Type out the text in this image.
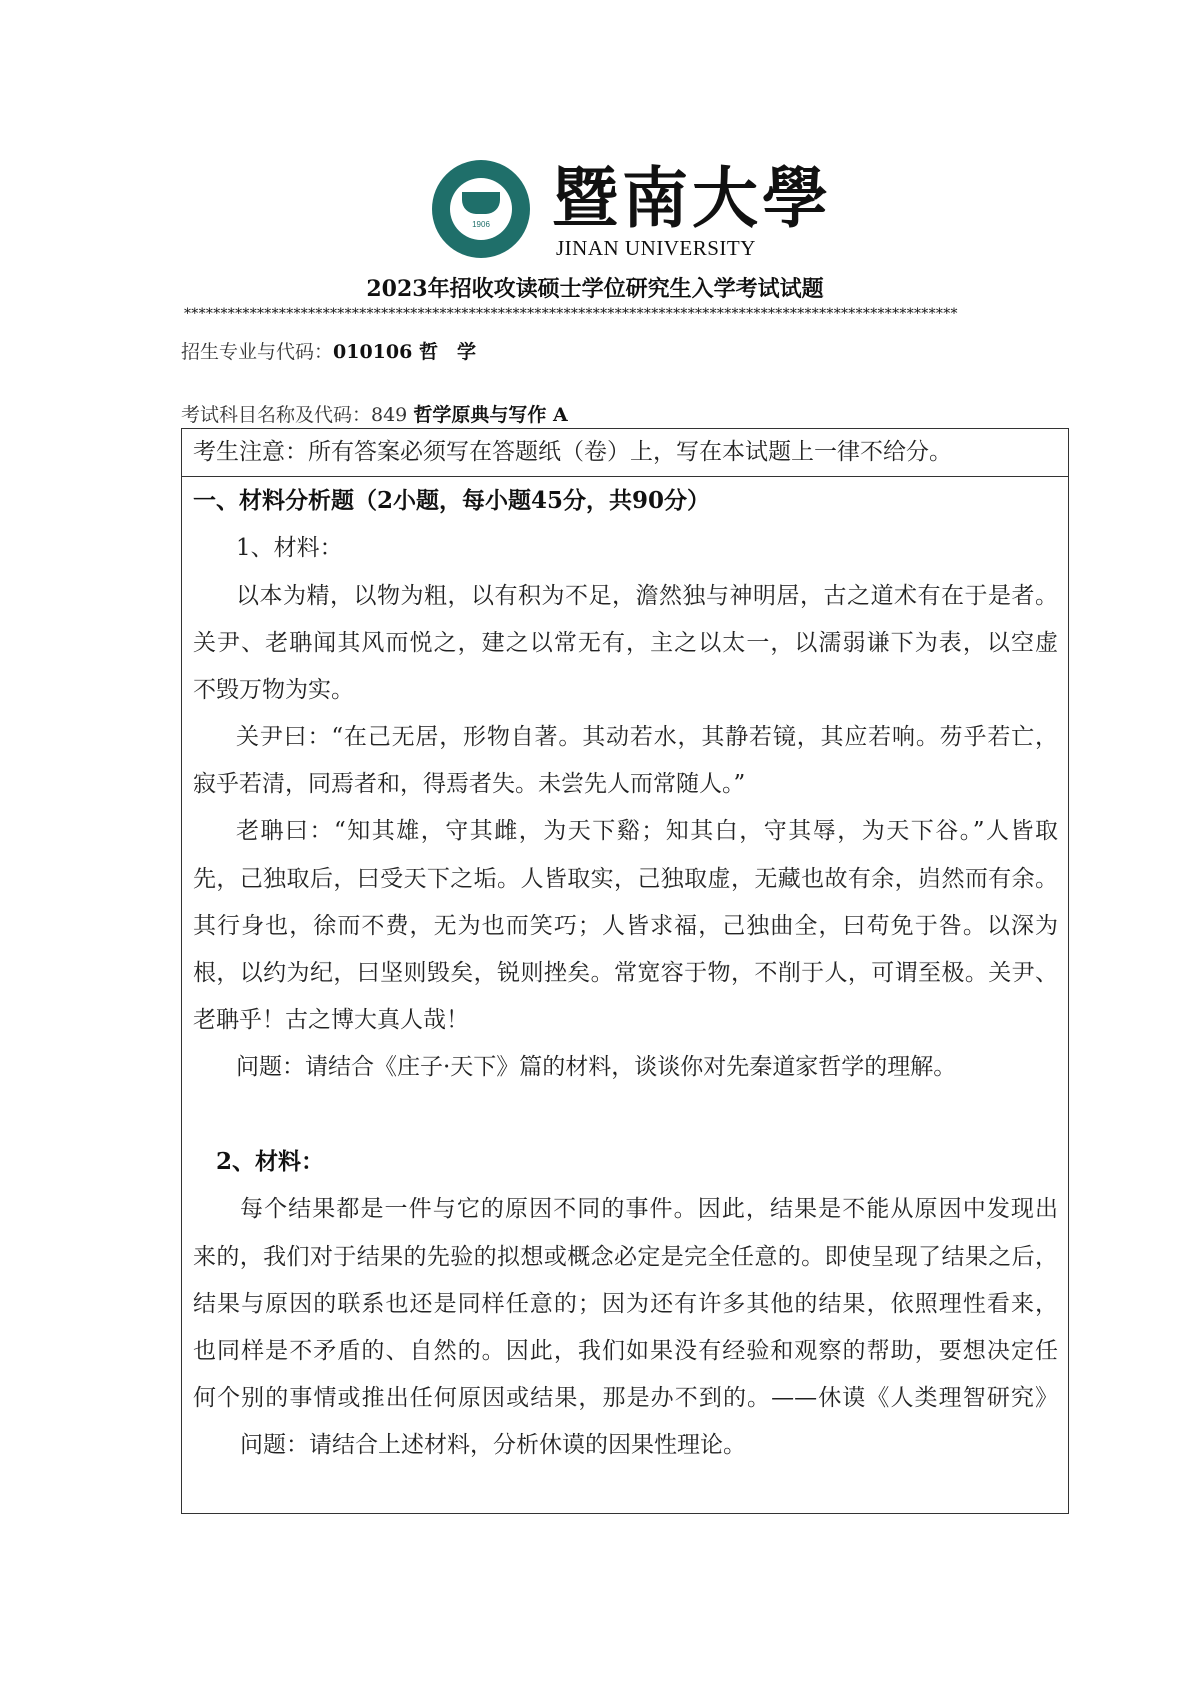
1906 暨南大學
JINAN UNIVERSITY
2023年招收攻读硕士学位研究生入学考试试题
**********************************************************************************************************
招生专业与代码：010106 哲　学
考试科目名称及代码：849 哲学原典与写作 A
考生注意：所有答案必须写在答题纸（卷）上，写在本试题上一律不给分。
一、材料分析题（2小题，每小题45分，共90分）
1、材料：
以本为精，以物为粗，以有积为不足，澹然独与神明居，古之道术有在于是者。
关尹、老聃闻其风而悦之，建之以常无有，主之以太一，以濡弱谦下为表，以空虚
不毁万物为实。
关尹曰：“在己无居，形物自著。其动若水，其静若镜，其应若响。芴乎若亡，
寂乎若清，同焉者和，得焉者失。未尝先人而常随人。”
老聃曰：“知其雄，守其雌，为天下谿；知其白，守其辱，为天下谷。”人皆取
先，己独取后，曰受天下之垢。人皆取实，己独取虚，无藏也故有余，岿然而有余。
其行身也，徐而不费，无为也而笑巧；人皆求福，己独曲全，曰苟免于咎。以深为
根，以约为纪，曰坚则毁矣，锐则挫矣。常宽容于物，不削于人，可谓至极。关尹、
老聃乎！古之博大真人哉！
问题：请结合《庄子·天下》篇的材料，谈谈你对先秦道家哲学的理解。
2、材料：
每个结果都是一件与它的原因不同的事件。因此，结果是不能从原因中发现出
来的，我们对于结果的先验的拟想或概念必定是完全任意的。即使呈现了结果之后，
结果与原因的联系也还是同样任意的；因为还有许多其他的结果，依照理性看来，
也同样是不矛盾的、自然的。因此，我们如果没有经验和观察的帮助，要想决定任
何个别的事情或推出任何原因或结果，那是办不到的。——休谟《人类理智研究》
问题：请结合上述材料，分析休谟的因果性理论。
